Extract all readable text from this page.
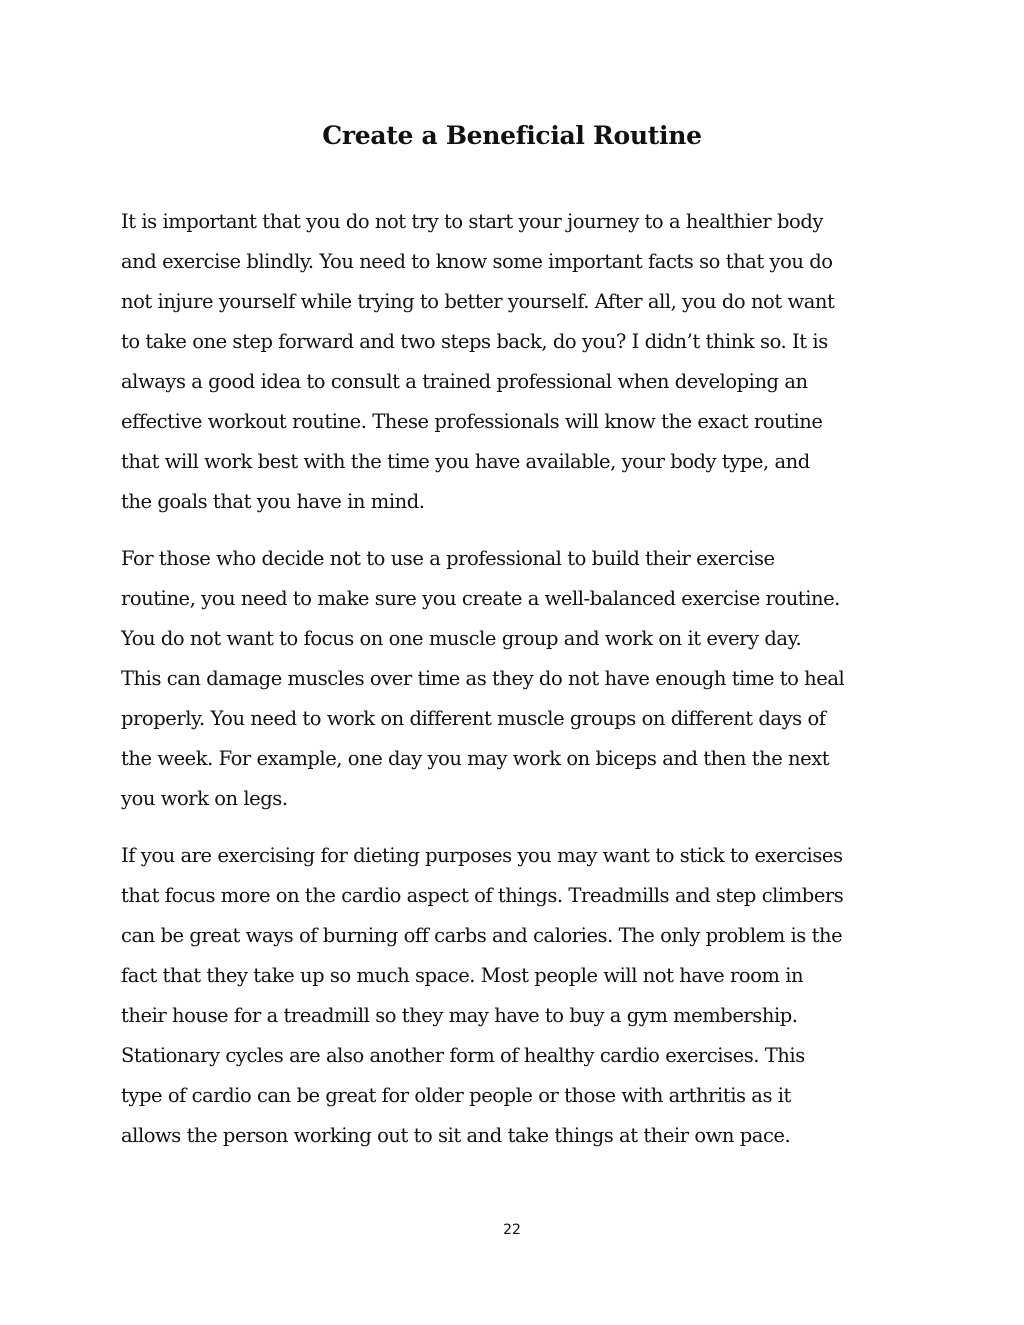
Create a Beneficial Routine

It is important that you do not try to start your journey to a healthier body
and exercise blindly. You need to know some important facts so that you do
not injure yourself while trying to better yourself. After all, you do not want
to take one step forward and two steps back, do you? I didn’t think so. It is
always a good idea to consult a trained professional when developing an
effective workout routine. These professionals will know the exact routine
that will work best with the time you have available, your body type, and
the goals that you have in mind.

For those who decide not to use a professional to build their exercise
routine, you need to make sure you create a well-balanced exercise routine.
You do not want to focus on one muscle group and work on it every day.
This can damage muscles over time as they do not have enough time to heal
properly. You need to work on different muscle groups on different days of
the week. For example, one day you may work on biceps and then the next
you work on legs.

If you are exercising for dieting purposes you may want to stick to exercises
that focus more on the cardio aspect of things. Treadmills and step climbers
can be great ways of burning off carbs and calories. The only problem is the
fact that they take up so much space. Most people will not have room in
their house for a treadmill so they may have to buy a gym membership.
Stationary cycles are also another form of healthy cardio exercises. This
type of cardio can be great for older people or those with arthritis as it
allows the person working out to sit and take things at their own pace.

22
